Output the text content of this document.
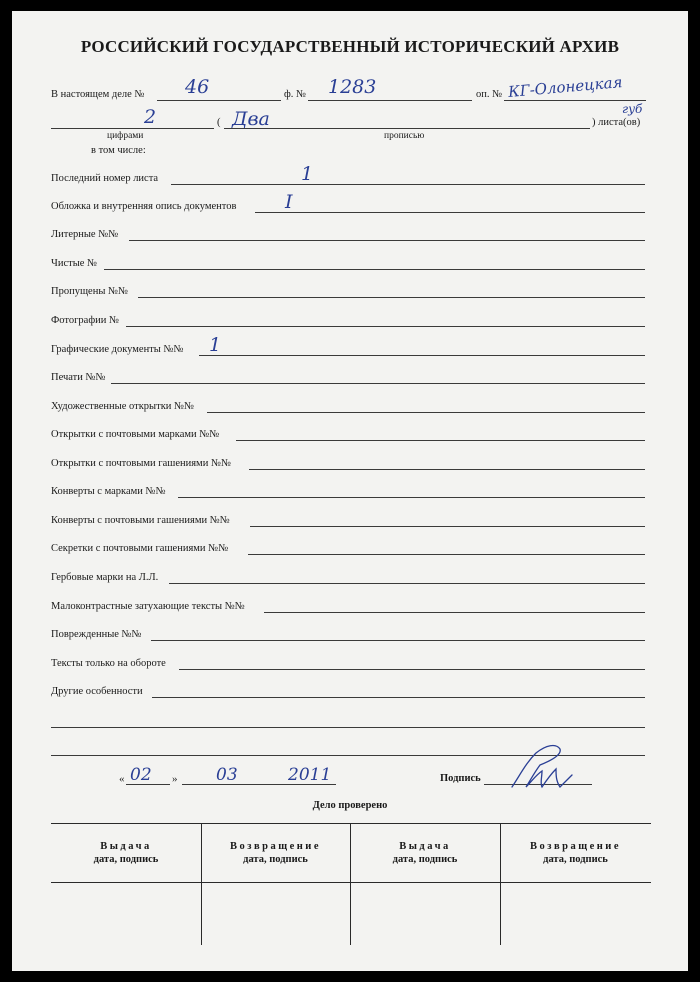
РОССИЙСКИЙ ГОСУДАРСТВЕННЫЙ ИСТОРИЧЕСКИЙ АРХИВ
В настоящем деле № 46	ф. № 1283	оп. № КГ-Олонецкая
губ
2
цифрами
( Два
прописью
) листа(ов)
в том числе:
Последний номер листа	1
Обложка и внутренняя опись документов	I
Литерные №№
Чистые №
Пропущены №№
Фотографии №
Графические документы №№ 1
Печати №№
Художественные открытки №№
Открытки с почтовыми марками №№
Открытки с почтовыми гашениями №№
Конверты с марками №№
Конверты с почтовыми гашениями №№
Секретки с почтовыми гашениями №№
Гербовые марки на Л.Л.
Малоконтрастные затухающие тексты №№
Поврежденные №№
Тексты только на обороте
Другие особенности
« 02 » 03	2011	Подпись
Дело проверено
Выдача
дата, подпись
Возвращение
дата, подпись
Выдача
дата, подпись
Возвращение
дата, подпись
